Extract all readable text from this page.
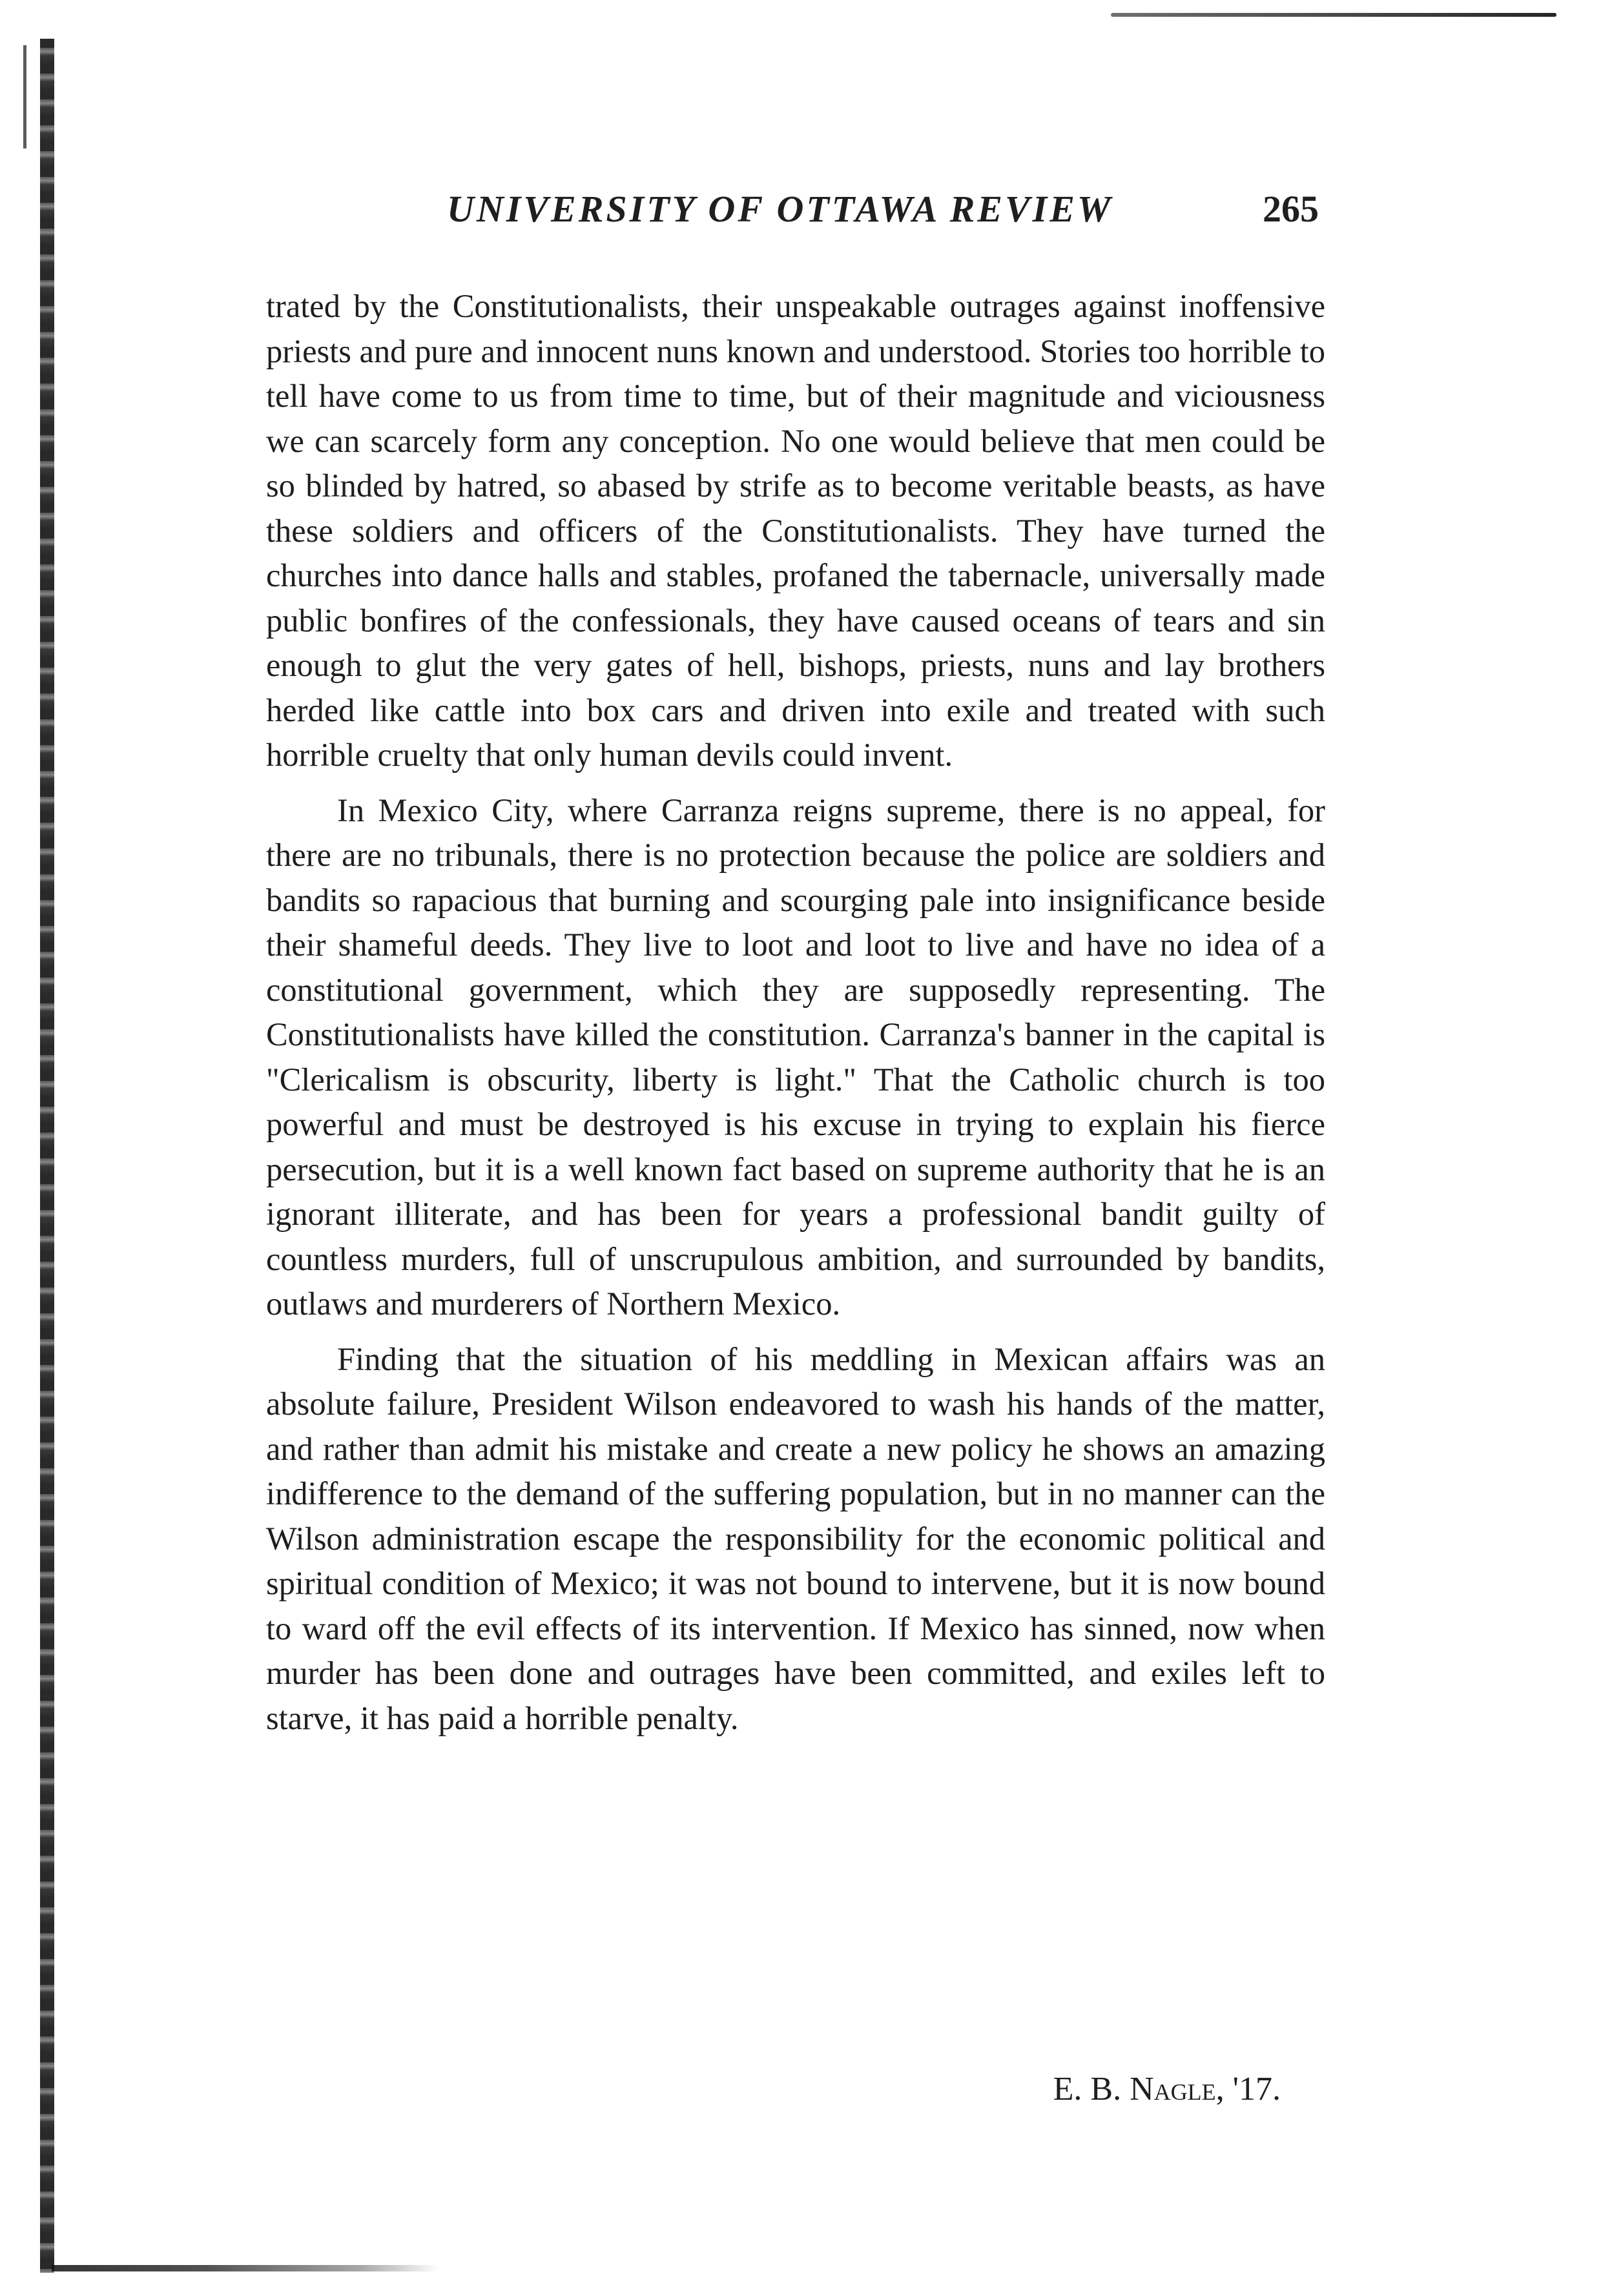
UNIVERSITY OF OTTAWA REVIEW	265

trated by the Constitutionalists, their unspeakable outrages against inoffensive priests and pure and innocent nuns known and understood. Stories too horrible to tell have come to us from time to time, but of their magnitude and viciousness we can scarcely form any conception. No one would believe that men could be so blinded by hatred, so abased by strife as to become veritable beasts, as have these soldiers and officers of the Constitutionalists. They have turned the churches into dance halls and stables, profaned the tabernacle, universally made public bonfires of the confessionals, they have caused oceans of tears and sin enough to glut the very gates of hell, bishops, priests, nuns and lay brothers herded like cattle into box cars and driven into exile and treated with such horrible cruelty that only human devils could invent.

In Mexico City, where Carranza reigns supreme, there is no appeal, for there are no tribunals, there is no protection because the police are soldiers and bandits so rapacious that burning and scourging pale into insignificance beside their shameful deeds. They live to loot and loot to live and have no idea of a constitutional government, which they are supposedly representing. The Constitutionalists have killed the constitution. Carranza's banner in the capital is "Clericalism is obscurity, liberty is light." That the Catholic church is too powerful and must be destroyed is his excuse in trying to explain his fierce persecution, but it is a well known fact based on supreme authority that he is an ignorant illiterate, and has been for years a professional bandit guilty of countless murders, full of unscrupulous ambition, and surrounded by bandits, outlaws and murderers of Northern Mexico.

Finding that the situation of his meddling in Mexican affairs was an absolute failure, President Wilson endeavored to wash his hands of the matter, and rather than admit his mistake and create a new policy he shows an amazing indifference to the demand of the suffering population, but in no manner can the Wilson administration escape the responsibility for the economic political and spiritual condition of Mexico; it was not bound to intervene, but it is now bound to ward off the evil effects of its intervention. If Mexico has sinned, now when murder has been done and outrages have been committed, and exiles left to starve, it has paid a horrible penalty.

E. B. Nagle, '17.
